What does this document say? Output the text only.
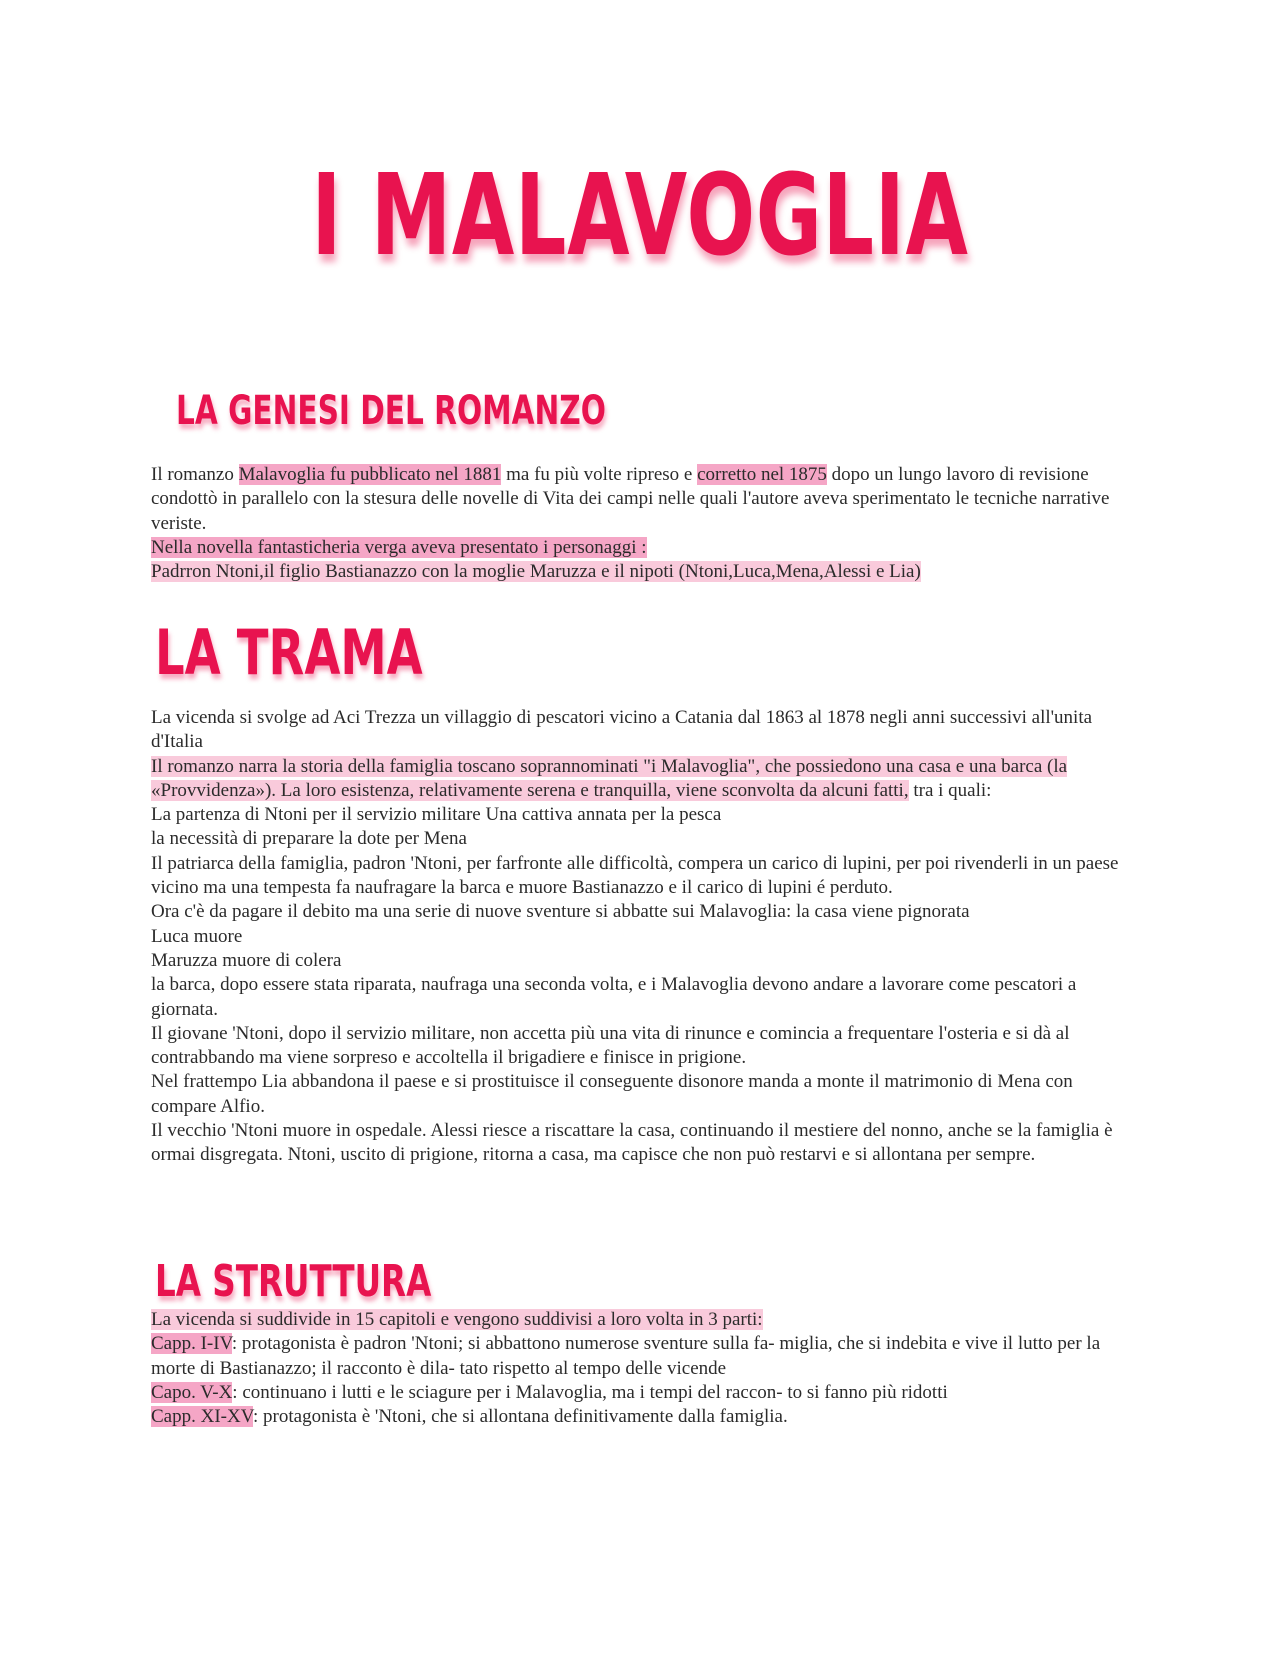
I MALAVOGLIA
LA GENESI DEL ROMANZO
Il romanzo Malavoglia fu pubblicato nel 1881 ma fu più volte ripreso e corretto nel 1875 dopo un lungo lavoro di revisione condottò in parallelo con la stesura delle novelle di Vita dei campi nelle quali l'autore aveva sperimentato le tecniche narrative veriste.
Nella novella fantasticheria verga aveva presentato i personaggi :
Padrron Ntoni,il figlio Bastianazzo con la moglie Maruzza e il nipoti (Ntoni,Luca,Mena,Alessi e Lia)
LA TRAMA
La vicenda si svolge ad Aci Trezza un villaggio di pescatori vicino a Catania dal 1863 al 1878 negli anni successivi all'unita d'Italia
Il romanzo narra la storia della famiglia toscano soprannominati "i Malavoglia", che possiedono una casa e una barca (la «Provvidenza»). La loro esistenza, relativamente serena e tranquilla, viene sconvolta da alcuni fatti, tra i quali:
La partenza di Ntoni per il servizio militare Una cattiva annata per la pesca
la necessità di preparare la dote per Mena
Il patriarca della famiglia, padron 'Ntoni, per farfronte alle difficoltà, compera un carico di lupini, per poi rivenderli in un paese vicino ma una tempesta fa naufragare la barca e muore Bastianazzo e il carico di lupini é perduto.
Ora c'è da pagare il debito ma una serie di nuove sventure si abbatte sui Malavoglia: la casa viene pignorata
Luca muore
Maruzza muore di colera
la barca, dopo essere stata riparata, naufraga una seconda volta, e i Malavoglia devono andare a lavorare come pescatori a giornata.
Il giovane 'Ntoni, dopo il servizio militare, non accetta più una vita di rinunce e comincia a frequentare l'osteria e si dà al contrabbando ma viene sorpreso e accoltella il brigadiere e finisce in prigione.
Nel frattempo Lia abbandona il paese e si prostituisce il conseguente disonore manda a monte il matrimonio di Mena con compare Alfio.
Il vecchio 'Ntoni muore in ospedale. Alessi riesce a riscattare la casa, continuando il mestiere del nonno, anche se la famiglia è ormai disgregata. Ntoni, uscito di prigione, ritorna a casa, ma capisce che non può restarvi e si allontana per sempre.
LA STRUTTURA
La vicenda si suddivide in 15 capitoli e vengono suddivisi a loro volta in 3 parti:
Capp. I-IV: protagonista è padron 'Ntoni; si abbattono numerose sventure sulla fa- miglia, che si indebita e vive il lutto per la morte di Bastianazzo; il racconto è dila- tato rispetto al tempo delle vicende
Capo. V-X: continuano i lutti e le sciagure per i Malavoglia, ma i tempi del raccon- to si fanno più ridotti
Capp. XI-XV: protagonista è 'Ntoni, che si allontana definitivamente dalla famiglia.
